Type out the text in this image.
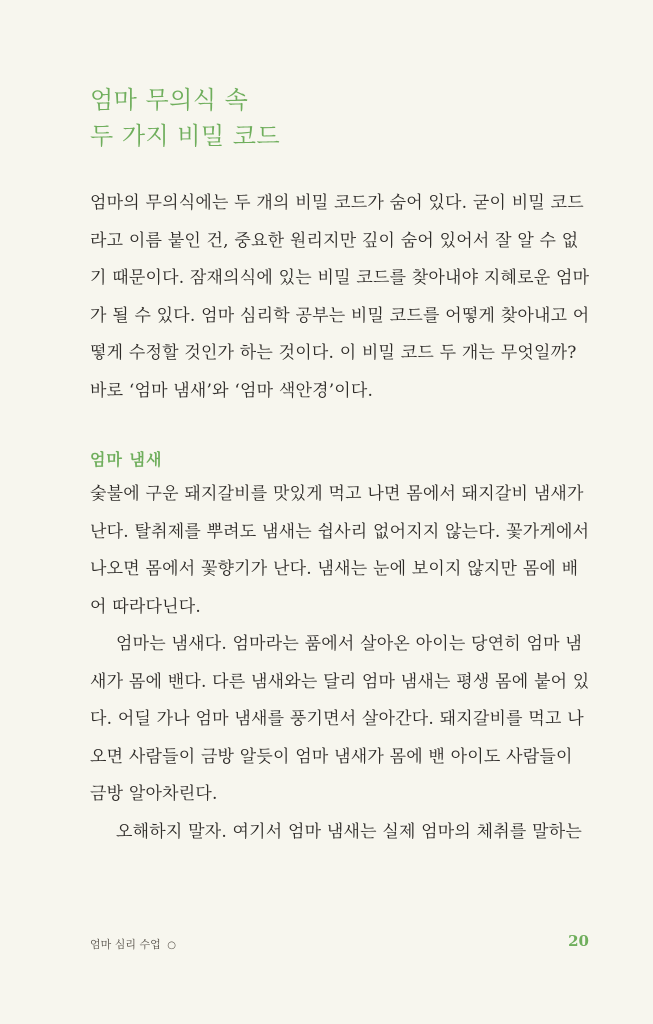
엄마 무의식 속
두 가지 비밀 코드
엄마의 무의식에는 두 개의 비밀 코드가 숨어 있다. 굳이 비밀 코드
라고 이름 붙인 건, 중요한 원리지만 깊이 숨어 있어서 잘 알 수 없
기 때문이다. 잠재의식에 있는 비밀 코드를 찾아내야 지혜로운 엄마
가 될 수 있다. 엄마 심리학 공부는 비밀 코드를 어떻게 찾아내고 어
떻게 수정할 것인가 하는 것이다. 이 비밀 코드 두 개는 무엇일까?
바로 ‘엄마 냄새’와 ‘엄마 색안경’이다.
엄마 냄새
숯불에 구운 돼지갈비를 맛있게 먹고 나면 몸에서 돼지갈비 냄새가
난다. 탈취제를 뿌려도 냄새는 쉽사리 없어지지 않는다. 꽃가게에서
나오면 몸에서 꽃향기가 난다. 냄새는 눈에 보이지 않지만 몸에 배
어 따라다닌다.
엄마는 냄새다. 엄마라는 품에서 살아온 아이는 당연히 엄마 냄
새가 몸에 밴다. 다른 냄새와는 달리 엄마 냄새는 평생 몸에 붙어 있
다. 어딜 가나 엄마 냄새를 풍기면서 살아간다. 돼지갈비를 먹고 나
오면 사람들이 금방 알듯이 엄마 냄새가 몸에 밴 아이도 사람들이
금방 알아차린다.
오해하지 말자. 여기서 엄마 냄새는 실제 엄마의 체취를 말하는
엄마 심리 수업 ○	20
